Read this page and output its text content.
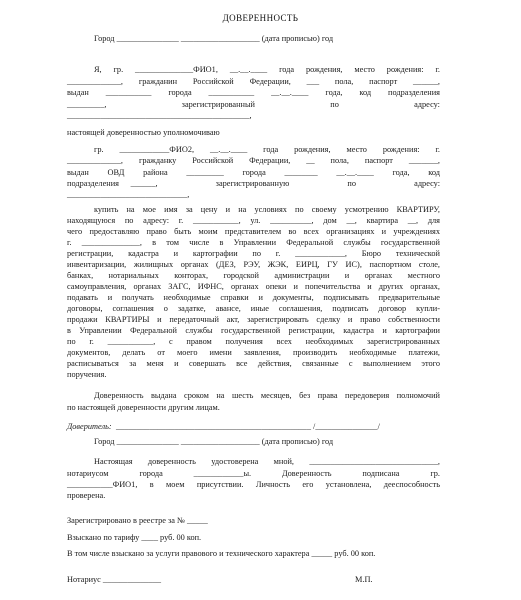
ДОВЕРЕННОСТЬ

Город _______________ ___________________ (дата прописью) год

Я, гр. ______________ФИО1, __.__.____ года рождения, место рождения: г.

_____________, гражданин Российской Федерации, ___ пола, паспорт ______,

выдан ___________ города ___________ __.__.____ года, код подразделения

_________,     зарегистрированный     по     адресу:

____________________________________________,

настоящей доверенностью уполномочиваю

гр. ____________ФИО2, __.__.____ года рождения, место рождения: г.

_____________, гражданку Российской Федерации, __ пола, паспорт _______,

выдан ОВД района _________ города ________ __.__.____ года, код

подразделения ______,     зарегистрированную     по     адресу:

_____________________________,

купить на мое имя за цену и на условиях по своему усмотрению КВАРТИРУ,

находящуюся по адресу: г. ___________, ул. __________, дом __, квартира __, для

чего предоставляю право быть моим представителем во всех организациях и учреждениях

г. ______________, в том числе в Управлении Федеральной службы государственной

регистрации, кадастра и картографии по г. ____________, Бюро технической

инвентаризации, жилищных органах (ДЕЗ, РЭУ, ЖЭК, ЕИРЦ, ГУ ИС), паспортном столе,

банках, нотариальных конторах, городской администрации и органах местного

самоуправления, органах ЗАГС, ИФНС, органах опеки и попечительства и других органах,

подавать и получать необходимые справки и документы, подписывать предварительные

договоры, соглашения о задатке, авансе, иные соглашения, подписать договор купли-

продажи КВАРТИРЫ и передаточный акт, зарегистрировать сделку и право собственности

в Управлении Федеральной службы государственной регистрации, кадастра и картографии

по г. ___________, с правом получения всех необходимых зарегистрированных

документов, делать от моего имени заявления, производить необходимые платежи,

расписываться за меня и совершать все действия, связанные с выполнением этого

поручения.

Доверенность выдана сроком на шесть месяцев, без права передоверия полномочий

по настоящей доверенности другим лицам.

Доверитель: _______________________________________________ /_______________/

Город _______________ ___________________ (дата прописью) год

Настоящая доверенность удостоверена мной, _______________________________,

нотариусом города ____________ы. Доверенность подписана гр.

___________ФИО1, в моем присутствии. Личность его установлена, дееспособность

проверена.

Зарегистрировано в реестре за № _____

Взыскано по тарифу ____ руб. 00 коп.

В том числе взыскано за услуги правового и технического характера _____ руб. 00 коп.

Нотариус ______________	М.П.
